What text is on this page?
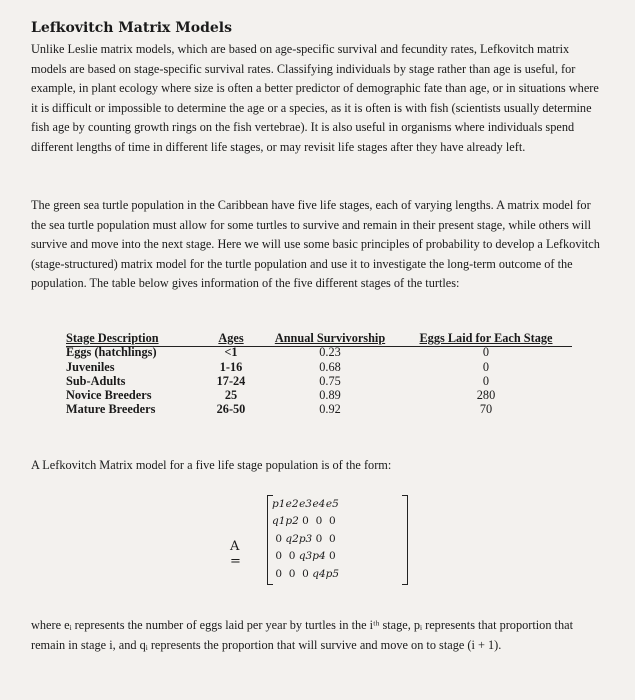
Lefkovitch Matrix Models
Unlike Leslie matrix models, which are based on age-specific survival and fecundity rates, Lefkovitch matrix models are based on stage-specific survival rates. Classifying individuals by stage rather than age is useful, for example, in plant ecology where size is often a better predictor of demographic fate than age, or in situations where it is difficult or impossible to determine the age or a species, as it is often is with fish (scientists usually determine fish age by counting growth rings on the fish vertebrae). It is also useful in organisms where individuals spend different lengths of time in different life stages, or may revisit life stages after they have already left.
The green sea turtle population in the Caribbean have five life stages, each of varying lengths. A matrix model for the sea turtle population must allow for some turtles to survive and remain in their present stage, while others will survive and move into the next stage. Here we will use some basic principles of probability to develop a Lefkovitch (stage-structured) matrix model for the turtle population and use it to investigate the long-term outcome of the population. The table below gives information of the five different stages of the turtles:
Stage Description	Ages	Annual Survivorship	Eggs Laid for Each Stage
Eggs (hatchlings)	<1	0.23	0
Juveniles	1-16	0.68	0
Sub-Adults	17-24	0.75	0
Novice Breeders	25	0.89	280
Mature Breeders	26-50	0.92	70
A Lefkovitch Matrix model for a five life stage population is of the form:
A =
p1	e2	e3	e4	e5
q1	p2	0	0	0
0	q2	p3	0	0
0	0	q3	p4	0
0	0	0	q4	p5
where eᵢ represents the number of eggs laid per year by turtles in the iᵗʰ stage, pᵢ represents that proportion that remain in stage i, and qᵢ represents the proportion that will survive and move on to stage (i + 1).
